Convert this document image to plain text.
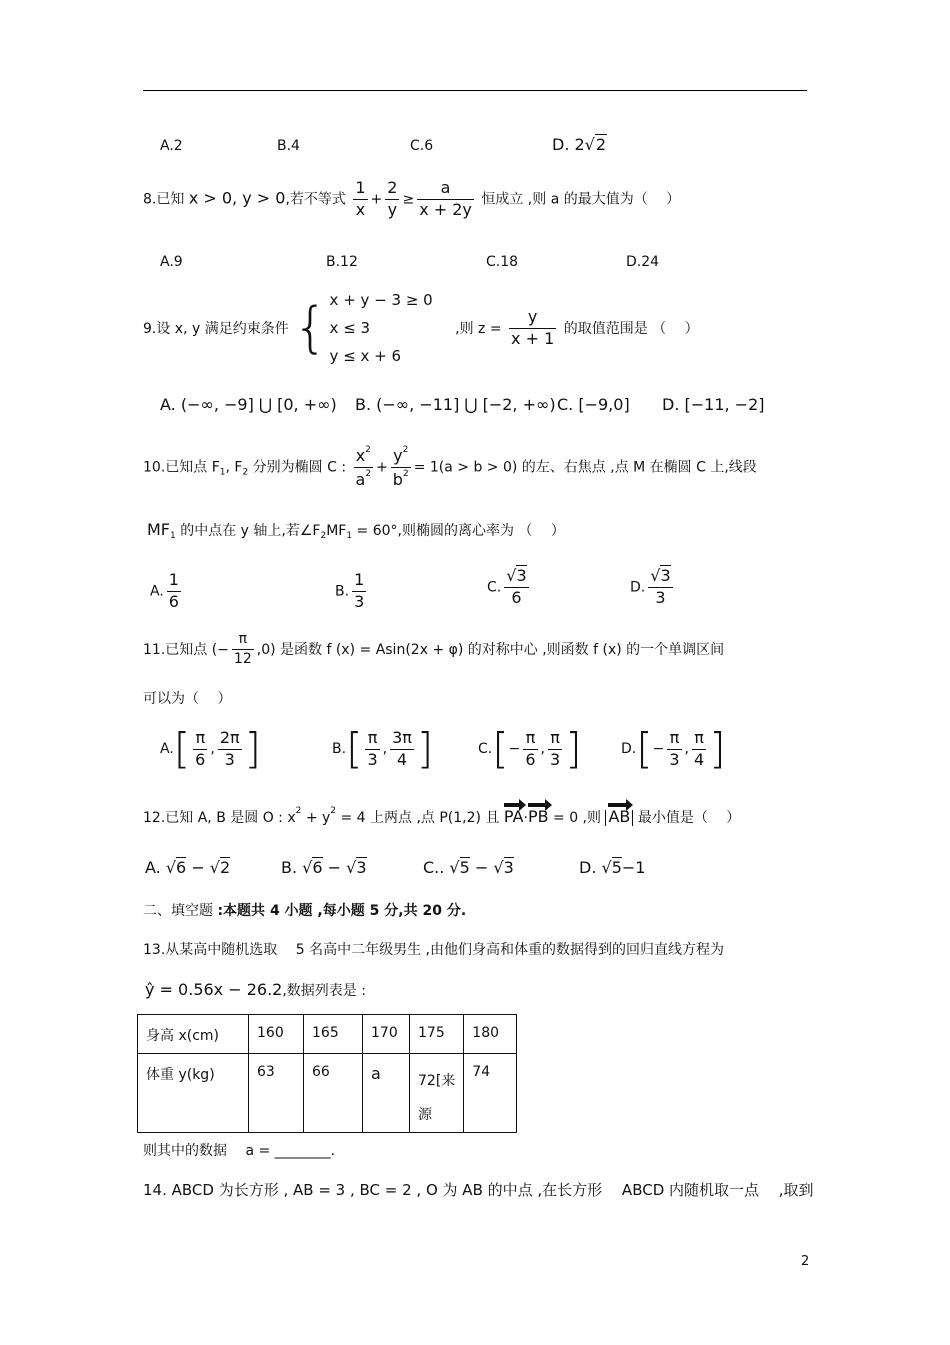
A.2	B.4	C.6	D. 2√2
8.已知 x > 0, y > 0,若不等式 $\frac{1}{x} + \frac{2}{y} \ge \frac{a}{x + 2y}$ 恒成立 ,则 a 的最大值为（　 ）
A.9	B.12	C.18	D.24
9.设 x, y 满足约束条件 { x + y − 3 ≥ 0
x ≤ 3
y ≤ x + 6
,则 $z = \frac{y}{x + 1}$ 的取值范围是 （　 ）
A. (−∞, −9] ⋃ [0, +∞) B. (−∞, −11] ⋃ [−2, +∞) C. [−9,0] D. [−11, −2]
10.已知点 $F_1$, $F_2$ 分别为椭圆 C : $\frac{x^2}{a^2} + \frac{y^2}{b^2} = 1(a > b > 0)$ 的左、右焦点 ,点 M 在椭圆 C 上,线段
$MF_1$ 的中点在 y 轴上,若$\angle F_2MF_1 = 60^\circ$,则椭圆的离心率为 （　 ）
A. $\frac{1}{6}$	B. $\frac{1}{3}$	C. $\frac{√3}{6}$	D. $\frac{√3}{3}$
11.已知点 (− $\frac{\pi}{12} ,0$) 是函数 f (x) = Asin(2x + φ) 的对称中心 ,则函数 f (x) 的一个单调区间
可以为（　 ）
$A.[ \frac{\pi}{6}$ , $\frac{2\pi}{3}$ ]	$B.[ \frac{\pi}{3}$ , $\frac{3\pi}{4}$ ]	$C.[- \frac{\pi}{6}$ , $\frac{\pi}{3}$ ]	$D.[- \frac{\pi}{3}$ , $\frac{\pi}{4}$ ]
12.已知 A, B 是圆 O : $x^2 + y^2 = 4$ 上两点 ,点 P(1,2) 且 PA·PB = 0 ,则 AB 最小值是（　 ）
A. √6 − √2	B. √6 − √3	C.. √5 − √3	D. √5−1
二、填空题 :本题共 4 小题 ,每小题 5 分,共 20 分.
13.从某高中随机选取 　5 名高中二年级男生 ,由他们身高和体重的数据得到的回归直线方程为
ŷ = 0.56x − 26.2,数据列表是 :
身高 x(cm)	160	165	170	175	180
体重 y(kg)	63	66	a	72[来源	74
则其中的数据 　a = ________.
14. ABCD 为长方形 , AB = 3 , BC = 2 , O 为 AB 的中点 ,在长方形 　ABCD 内随机取一点 　,取到
2
